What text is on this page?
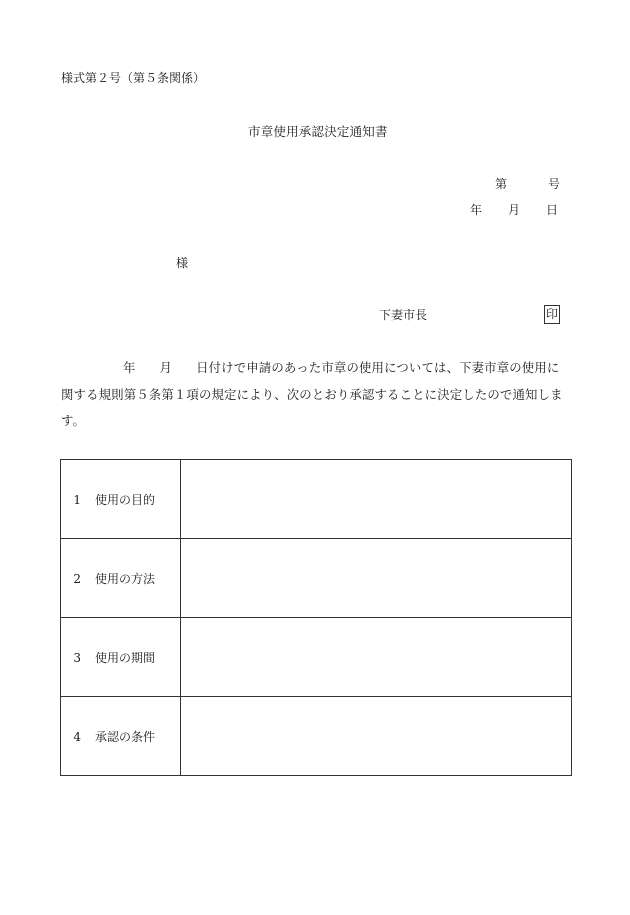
様式第２号（第５条関係）
市章使用承認決定通知書
第	号
年 月 日
様
下妻市長	印
年 月 日付けで申請のあった市章の使用については、下妻市章の使用に
関する規則第５条第１項の規定により、次のとおり承認することに決定したので通知しま
す。
1 使用の目的	
2 使用の方法	
3 使用の期間	
4 承認の条件	
